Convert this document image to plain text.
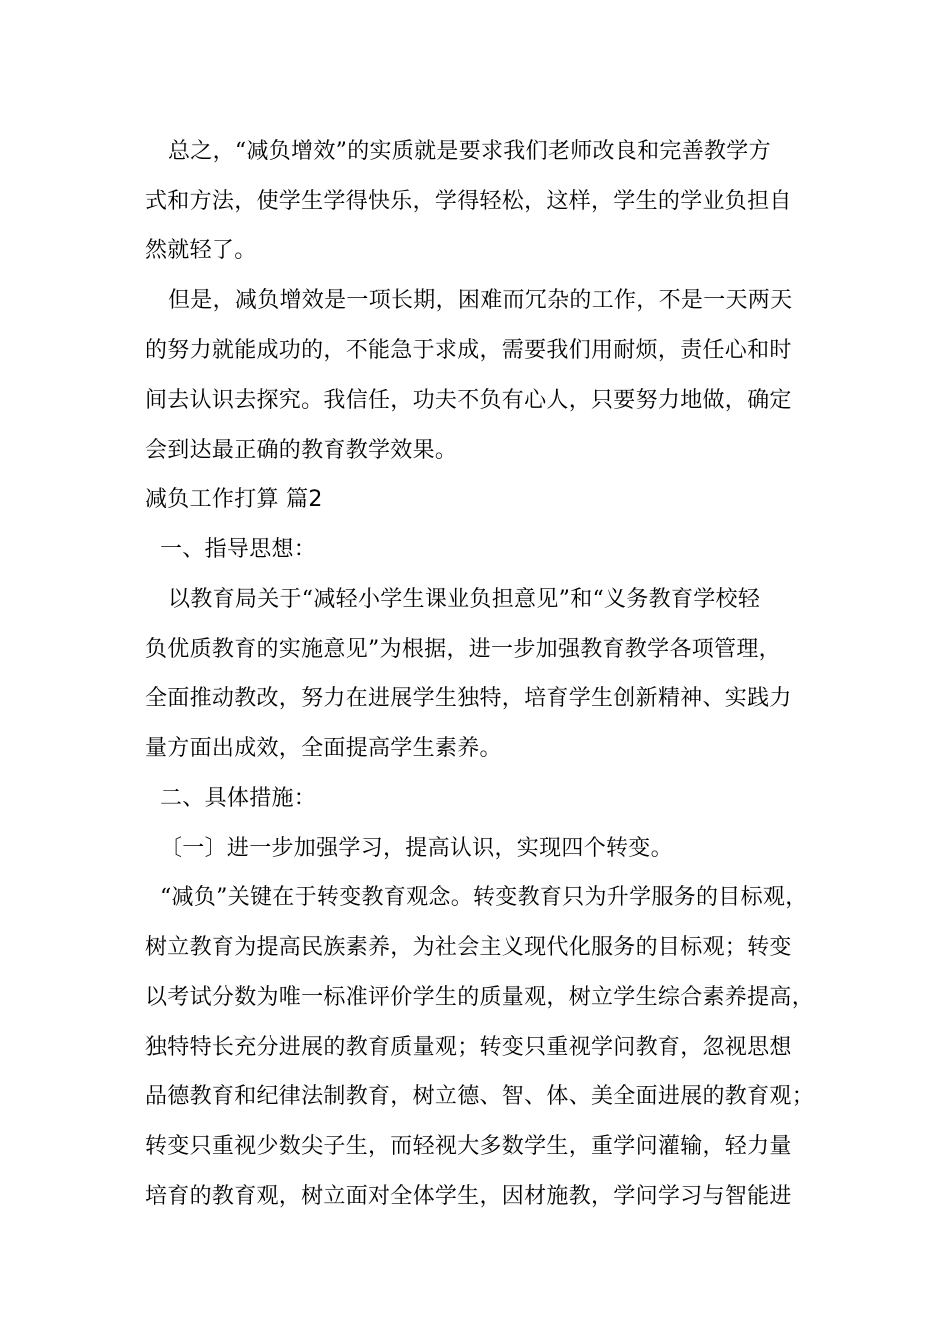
总之，“减负增效”的实质就是要求我们老师改良和完善教学方
式和方法，使学生学得快乐，学得轻松，这样，学生的学业负担自
然就轻了。
但是，减负增效是一项长期，困难而冗杂的工作，不是一天两天
的努力就能成功的，不能急于求成，需要我们用耐烦，责任心和时
间去认识去探究。我信任，功夫不负有心人，只要努力地做，确定
会到达最正确的教育教学效果。
减负工作打算 篇2
一、指导思想：
以教育局关于“减轻小学生课业负担意见”和“义务教育学校轻
负优质教育的实施意见”为根据，进一步加强教育教学各项管理，
全面推动教改，努力在进展学生独特，培育学生创新精神、实践力
量方面出成效，全面提高学生素养。
二、具体措施：
〔一〕进一步加强学习，提高认识，实现四个转变。
“减负”关键在于转变教育观念。转变教育只为升学服务的目标观，
树立教育为提高民族素养，为社会主义现代化服务的目标观；转变
以考试分数为唯一标准评价学生的质量观，树立学生综合素养提高，
独特特长充分进展的教育质量观；转变只重视学问教育，忽视思想
品德教育和纪律法制教育，树立德、智、体、美全面进展的教育观；
转变只重视少数尖子生，而轻视大多数学生，重学问灌输，轻力量
培育的教育观，树立面对全体学生，因材施教，学问学习与智能进
